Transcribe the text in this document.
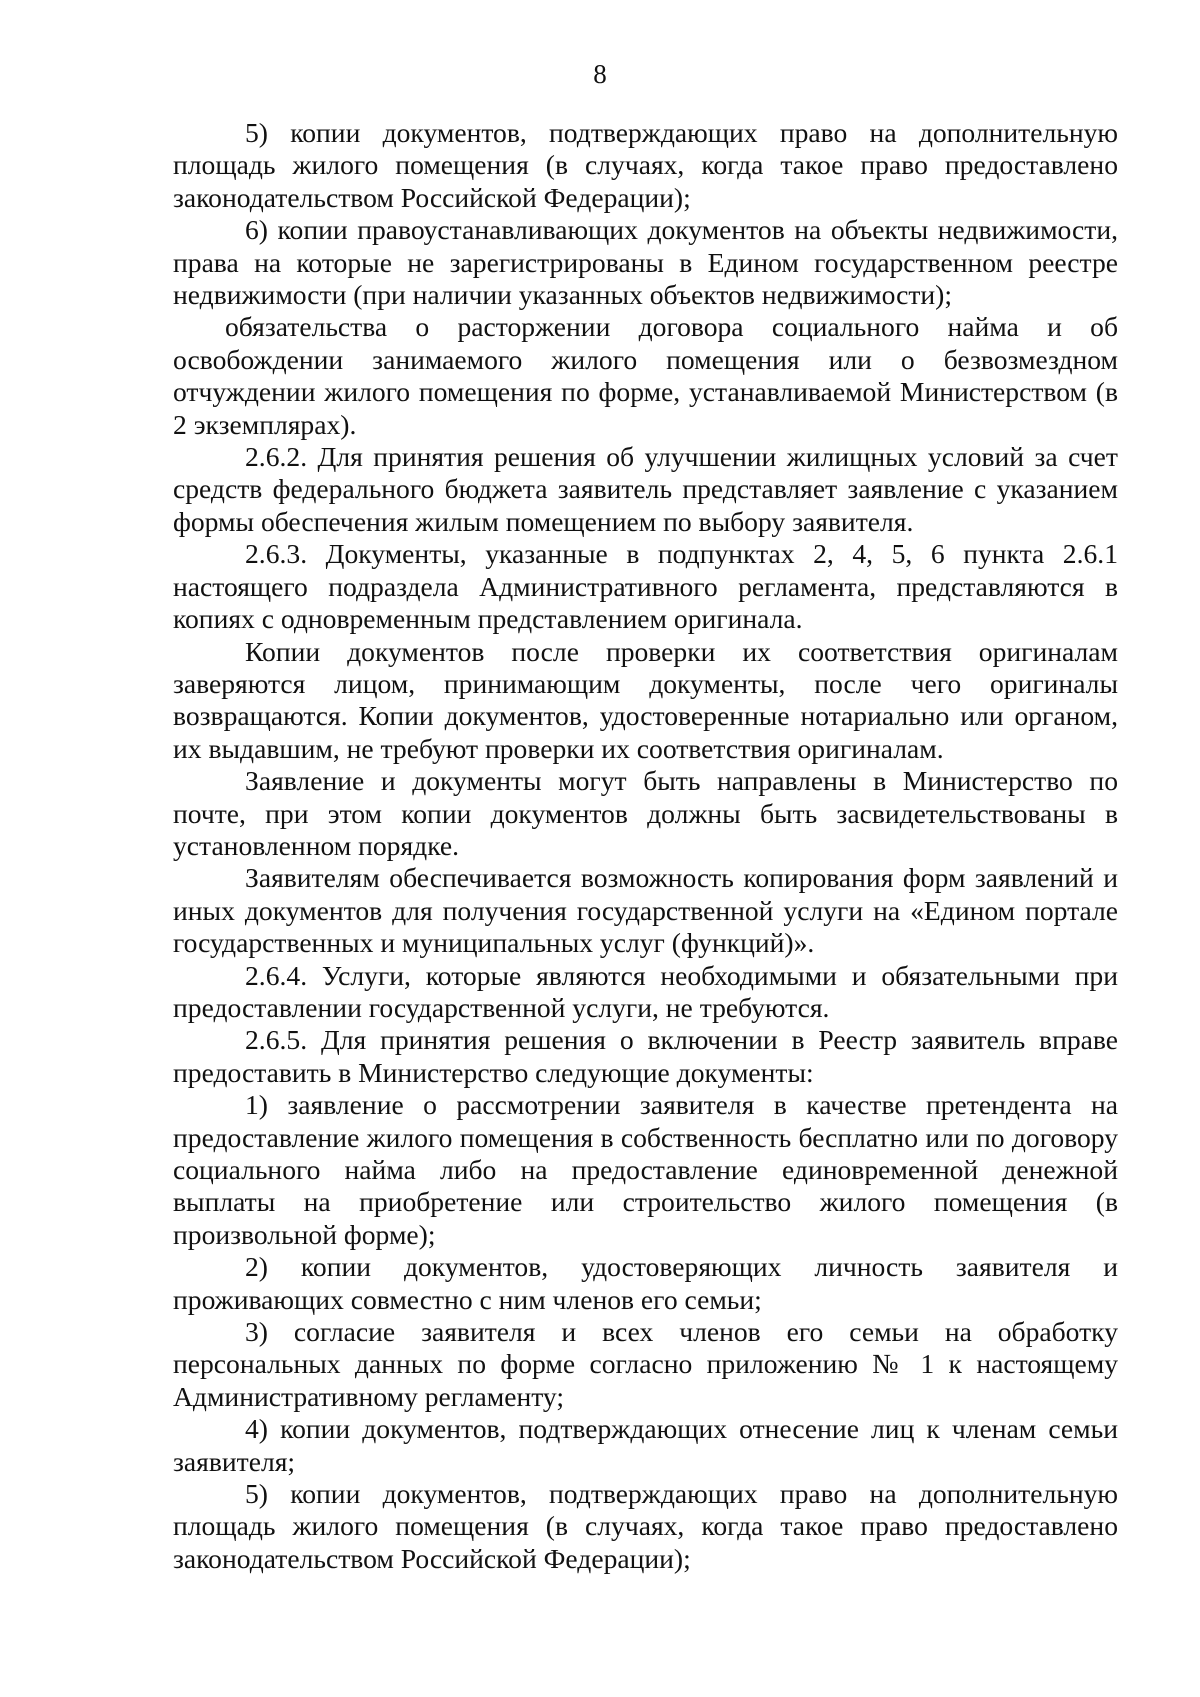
8

5) копии документов, подтверждающих право на дополнительную площадь жилого помещения (в случаях, когда такое право предоставлено законодательством Российской Федерации);

6) копии правоустанавливающих документов на объекты недвижимости, права на которые не зарегистрированы в Едином государственном реестре недвижимости (при наличии указанных объектов недвижимости);

обязательства о расторжении договора социального найма и об освобождении занимаемого жилого помещения или о безвозмездном отчуждении жилого помещения по форме, устанавливаемой Министерством (в 2 экземплярах).

2.6.2. Для принятия решения об улучшении жилищных условий за счет средств федерального бюджета заявитель представляет заявление с указанием формы обеспечения жилым помещением по выбору заявителя.

2.6.3. Документы, указанные в подпунктах 2, 4, 5, 6 пункта 2.6.1 настоящего подраздела Административного регламента, представляются в копиях с одновременным представлением оригинала.

Копии документов после проверки их соответствия оригиналам заверяются лицом, принимающим документы, после чего оригиналы возвращаются. Копии документов, удостоверенные нотариально или органом, их выдавшим, не требуют проверки их соответствия оригиналам.

Заявление и документы могут быть направлены в Министерство по почте, при этом копии документов должны быть засвидетельствованы в установленном порядке.

Заявителям обеспечивается возможность копирования форм заявлений и иных документов для получения государственной услуги на «Едином портале государственных и муниципальных услуг (функций)».

2.6.4. Услуги, которые являются необходимыми и обязательными при предоставлении государственной услуги, не требуются.

2.6.5. Для принятия решения о включении в Реестр заявитель вправе предоставить в Министерство следующие документы:

1) заявление о рассмотрении заявителя в качестве претендента на предоставление жилого помещения в собственность бесплатно или по договору социального найма либо на предоставление единовременной денежной выплаты на приобретение или строительство жилого помещения (в произвольной форме);

2) копии документов, удостоверяющих личность заявителя и проживающих совместно с ним членов его семьи;

3) согласие заявителя и всех членов его семьи на обработку персональных данных по форме согласно приложению № 1 к настоящему Административному регламенту;

4) копии документов, подтверждающих отнесение лиц к членам семьи заявителя;

5) копии документов, подтверждающих право на дополнительную площадь жилого помещения (в случаях, когда такое право предоставлено законодательством Российской Федерации);
